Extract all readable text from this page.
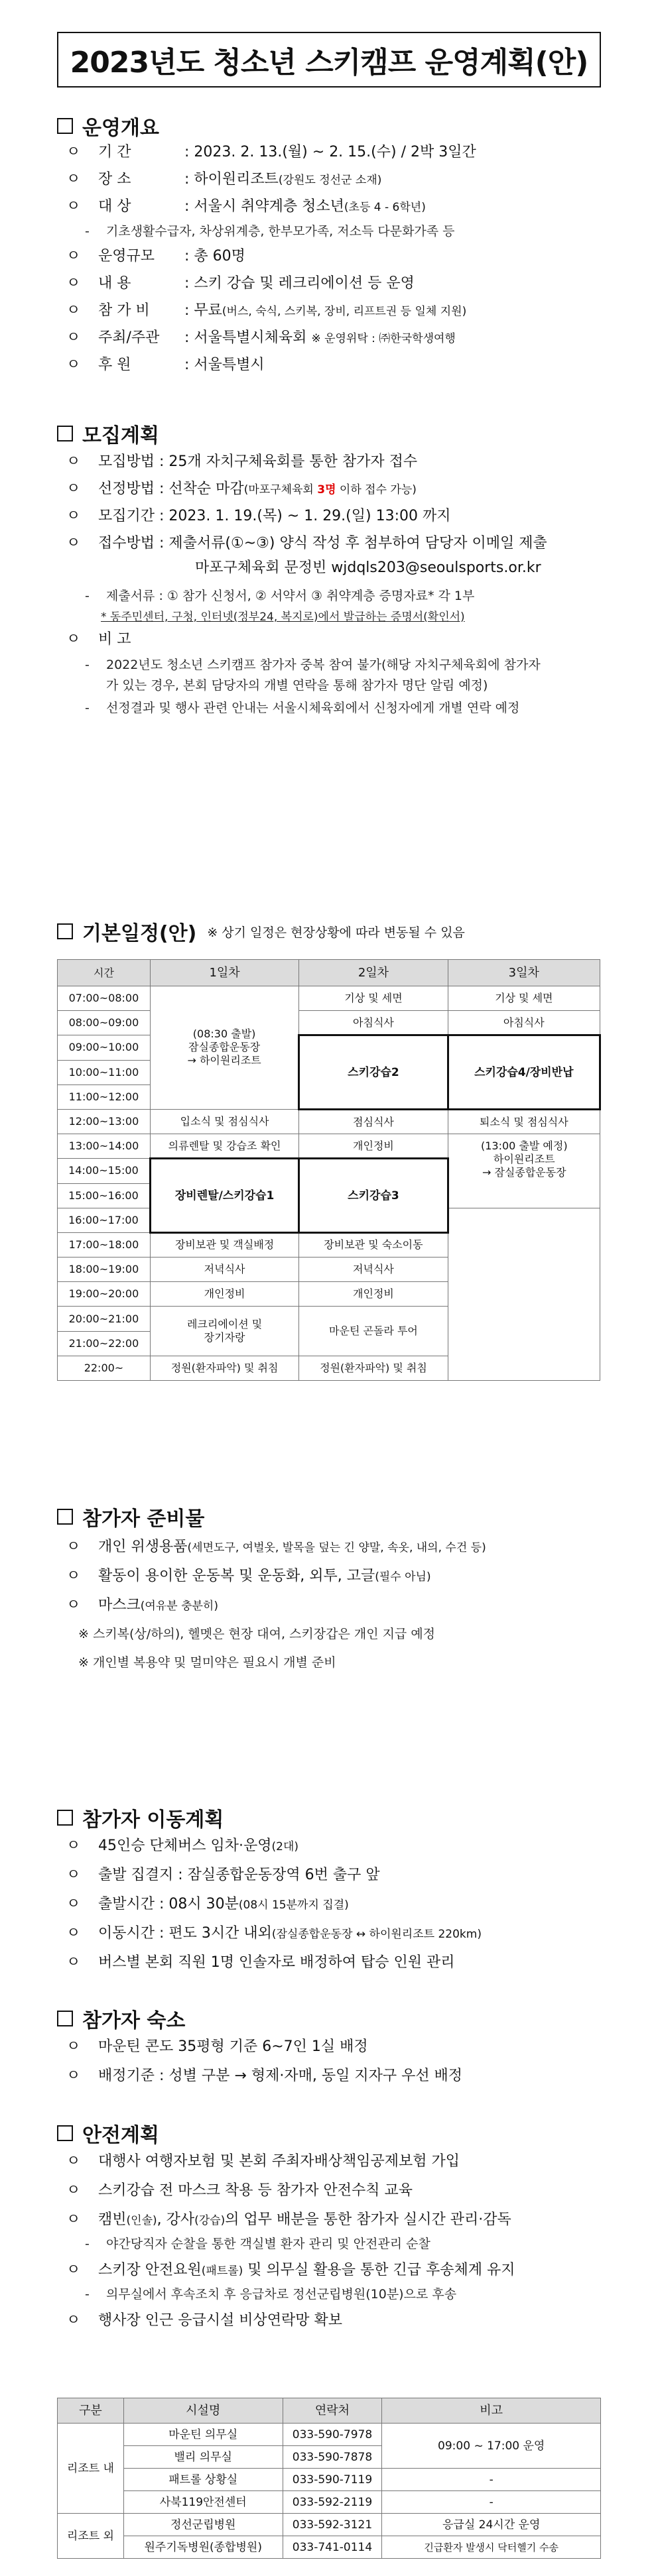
2023년도 청소년 스키캠프 운영계획(안)
운영개요
ㅇ 기 간	: 2023. 2. 13.(월) ~ 2. 15.(수) / 2박 3일간
ㅇ 장 소	: 하이원리조트(강원도 정선군 소재)
ㅇ 대 상	: 서울시 취약계층 청소년(초등 4 - 6학년)
- 기초생활수급자, 차상위계층, 한부모가족, 저소득 다문화가족 등
ㅇ 운영규모 : 총 60명
ㅇ 내 용	: 스키 강습 및 레크리에이션 등 운영
ㅇ 참 가 비 : 무료(버스, 숙식, 스키복, 장비, 리프트권 등 일체 지원)
ㅇ 주최/주관 : 서울특별시체육회 ※ 운영위탁 : ㈜한국학생여행
ㅇ 후 원	: 서울특별시
모집계획
ㅇ 모집방법 : 25개 자치구체육회를 통한 참가자 접수
ㅇ 선정방법 : 선착순 마감(마포구체육회 3명 이하 접수 가능)
ㅇ 모집기간 : 2023. 1. 19.(목) ~ 1. 29.(일) 13:00 까지
ㅇ 접수방법 : 제출서류(①~③) 양식 작성 후 첨부하여 담당자 이메일 제출
마포구체육회 문정빈 wjdqls203@seoulsports.or.kr
- 제출서류 : ① 참가 신청서, ② 서약서 ③ 취약계층 증명자료* 각 1부
* 동주민센터, 구청, 인터넷(정부24, 복지로)에서 발급하는 증명서(확인서)
ㅇ 비 고
- 2022년도 청소년 스키캠프 참가자 중복 참여 불가(해당 자치구체육회에 참가자
가 있는 경우, 본회 담당자의 개별 연락을 통해 참가자 명단 알림 예정)
- 선정결과 및 행사 관련 안내는 서울시체육회에서 신청자에게 개별 연락 예정
기본일정(안) ※ 상기 일정은 현장상황에 따라 변동될 수 있음
시간	1일차	2일차	3일차
07:00~08:00	(08:30 출발)
잠실종합운동장
→ 하이원리조트	기상 및 세면	기상 및 세면
08:00~09:00		아침식사	아침식사
09:00~10:00		스키강습2	스키강습4/장비반납
10:00~11:00			
11:00~12:00			
12:00~13:00	입소식 및 점심식사	점심식사	퇴소식 및 점심식사
13:00~14:00	의류렌탈 및 강습조 확인	개인정비	(13:00 출발 예정)
하이원리조트
→ 잠실종합운동장
14:00~15:00	장비렌탈/스키강습1	스키강습3	
15:00~16:00			
16:00~17:00			
17:00~18:00	장비보관 및 객실배정	장비보관 및 숙소이동	
18:00~19:00	저녁식사	저녁식사	
19:00~20:00	개인정비	개인정비	
20:00~21:00	레크리에이션 및
장기자랑	마운틴 곤돌라 투어	
21:00~22:00			
22:00~	정원(환자파악) 및 취침	정원(환자파악) 및 취침	
참가자 준비물
ㅇ 개인 위생용품(세면도구, 여벌옷, 발목을 덮는 긴 양말, 속옷, 내의, 수건 등)
ㅇ 활동이 용이한 운동복 및 운동화, 외투, 고글(필수 아님)
ㅇ 마스크(여유분 충분히)
※ 스키복(상/하의), 헬멧은 현장 대여, 스키장갑은 개인 지급 예정
※ 개인별 복용약 및 멀미약은 필요시 개별 준비
참가자 이동계획
ㅇ 45인승 단체버스 임차·운영(2대)
ㅇ 출발 집결지 : 잠실종합운동장역 6번 출구 앞
ㅇ 출발시간 : 08시 30분(08시 15분까지 집결)
ㅇ 이동시간 : 편도 3시간 내외(잠실종합운동장 ↔ 하이원리조트 220km)
ㅇ 버스별 본회 직원 1명 인솔자로 배정하여 탑승 인원 관리
참가자 숙소
ㅇ 마운틴 콘도 35평형 기준 6~7인 1실 배정
ㅇ 배정기준 : 성별 구분 → 형제·자매, 동일 지자구 우선 배정
안전계획
ㅇ 대행사 여행자보험 및 본회 주최자배상책임공제보험 가입
ㅇ 스키강습 전 마스크 착용 등 참가자 안전수칙 교육
ㅇ 캠빈(인솔), 강사(강습)의 업무 배분을 통한 참가자 실시간 관리·감독
- 야간당직자 순찰을 통한 객실별 환자 관리 및 안전관리 순찰
ㅇ 스키장 안전요원(패트롤) 및 의무실 활용을 통한 긴급 후송체계 유지
- 의무실에서 후속조치 후 응급차로 정선군립병원(10분)으로 후송
ㅇ 행사장 인근 응급시설 비상연락망 확보
구분	시설명	연락처	비고
리조트 내	마운틴 의무실	033-590-7978	09:00 ~ 17:00 운영
	밸리 의무실	033-590-7878	
	패트롤 상황실	033-590-7119	-
	사북119안전센터	033-592-2119	-
리조트 외	정선군립병원	033-592-3121	응급실 24시간 운영
	원주기독병원(종합병원)	033-741-0114	긴급환자 발생시 닥터헬기 수송
